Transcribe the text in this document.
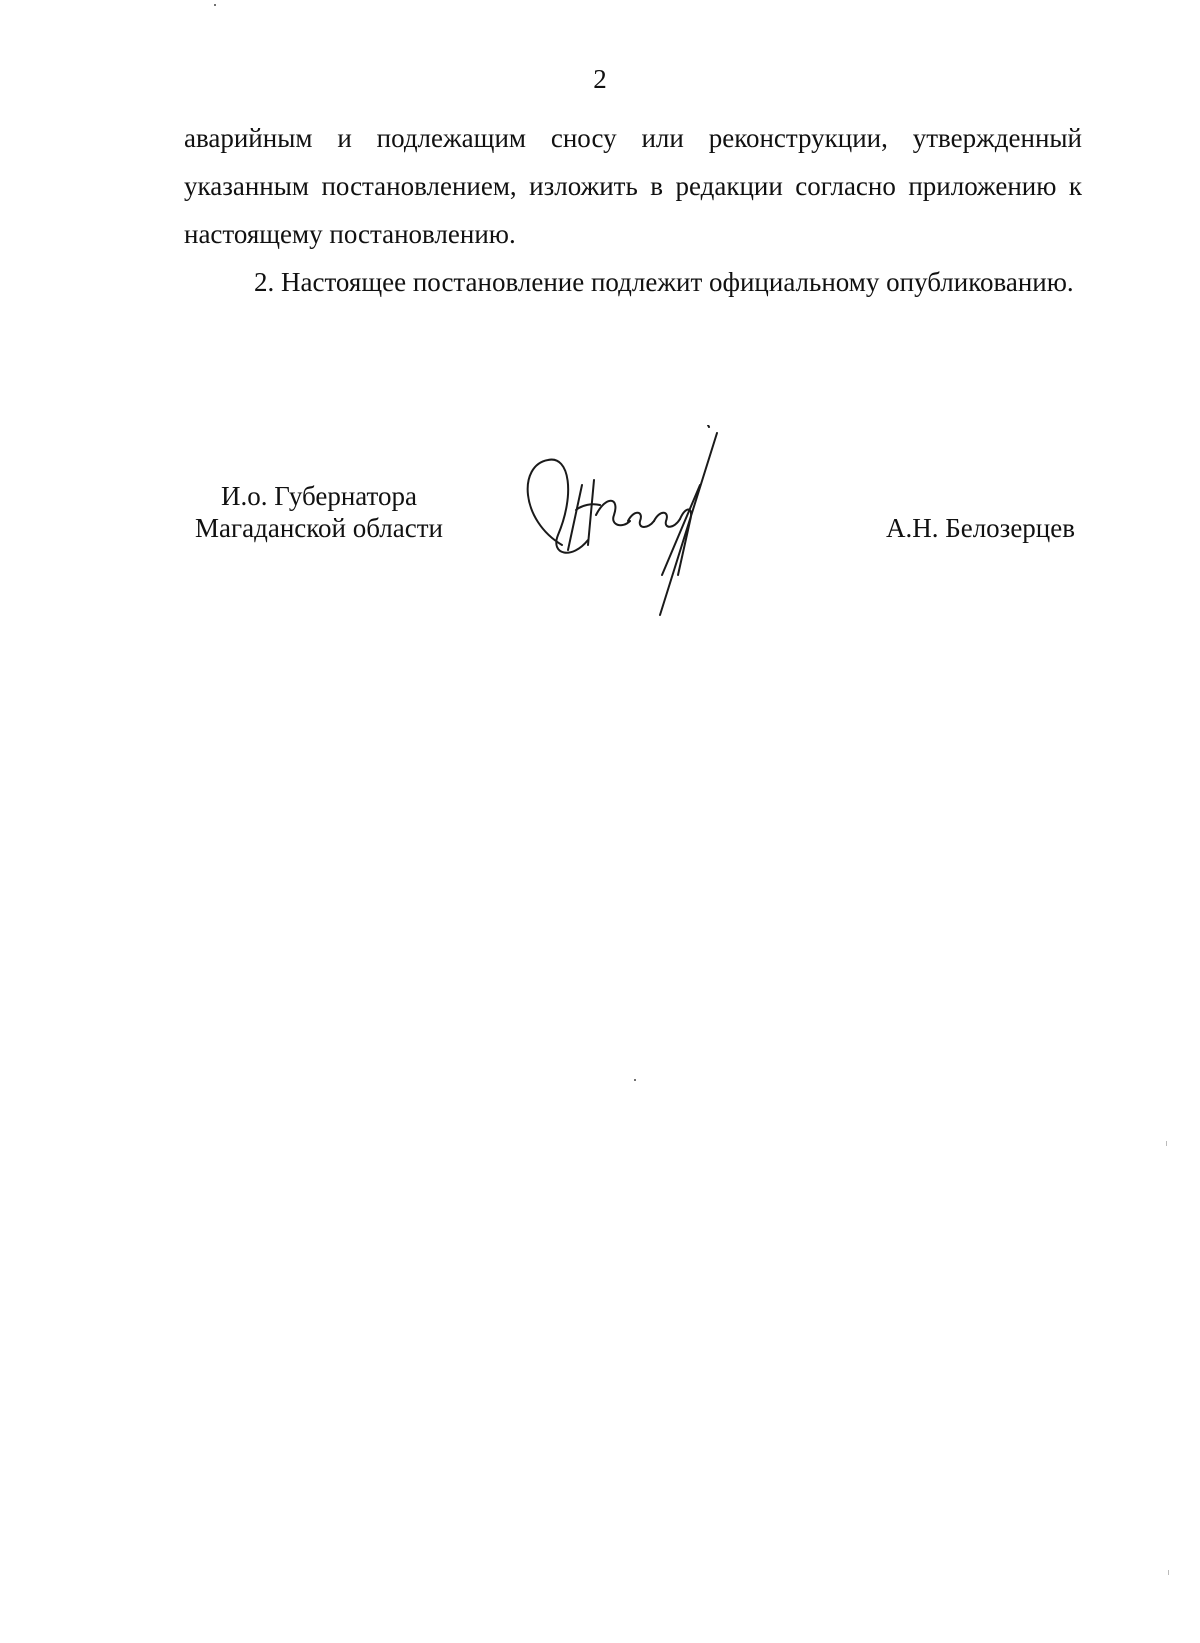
2

аварийным и подлежащим сносу или реконструкции, утвержденный указанным постановлением, изложить в редакции согласно приложению к настоящему постановлению.

2. Настоящее постановление подлежит официальному опубликованию.

И.о. Губернатора
Магаданской области	А.Н. Белозерцев
